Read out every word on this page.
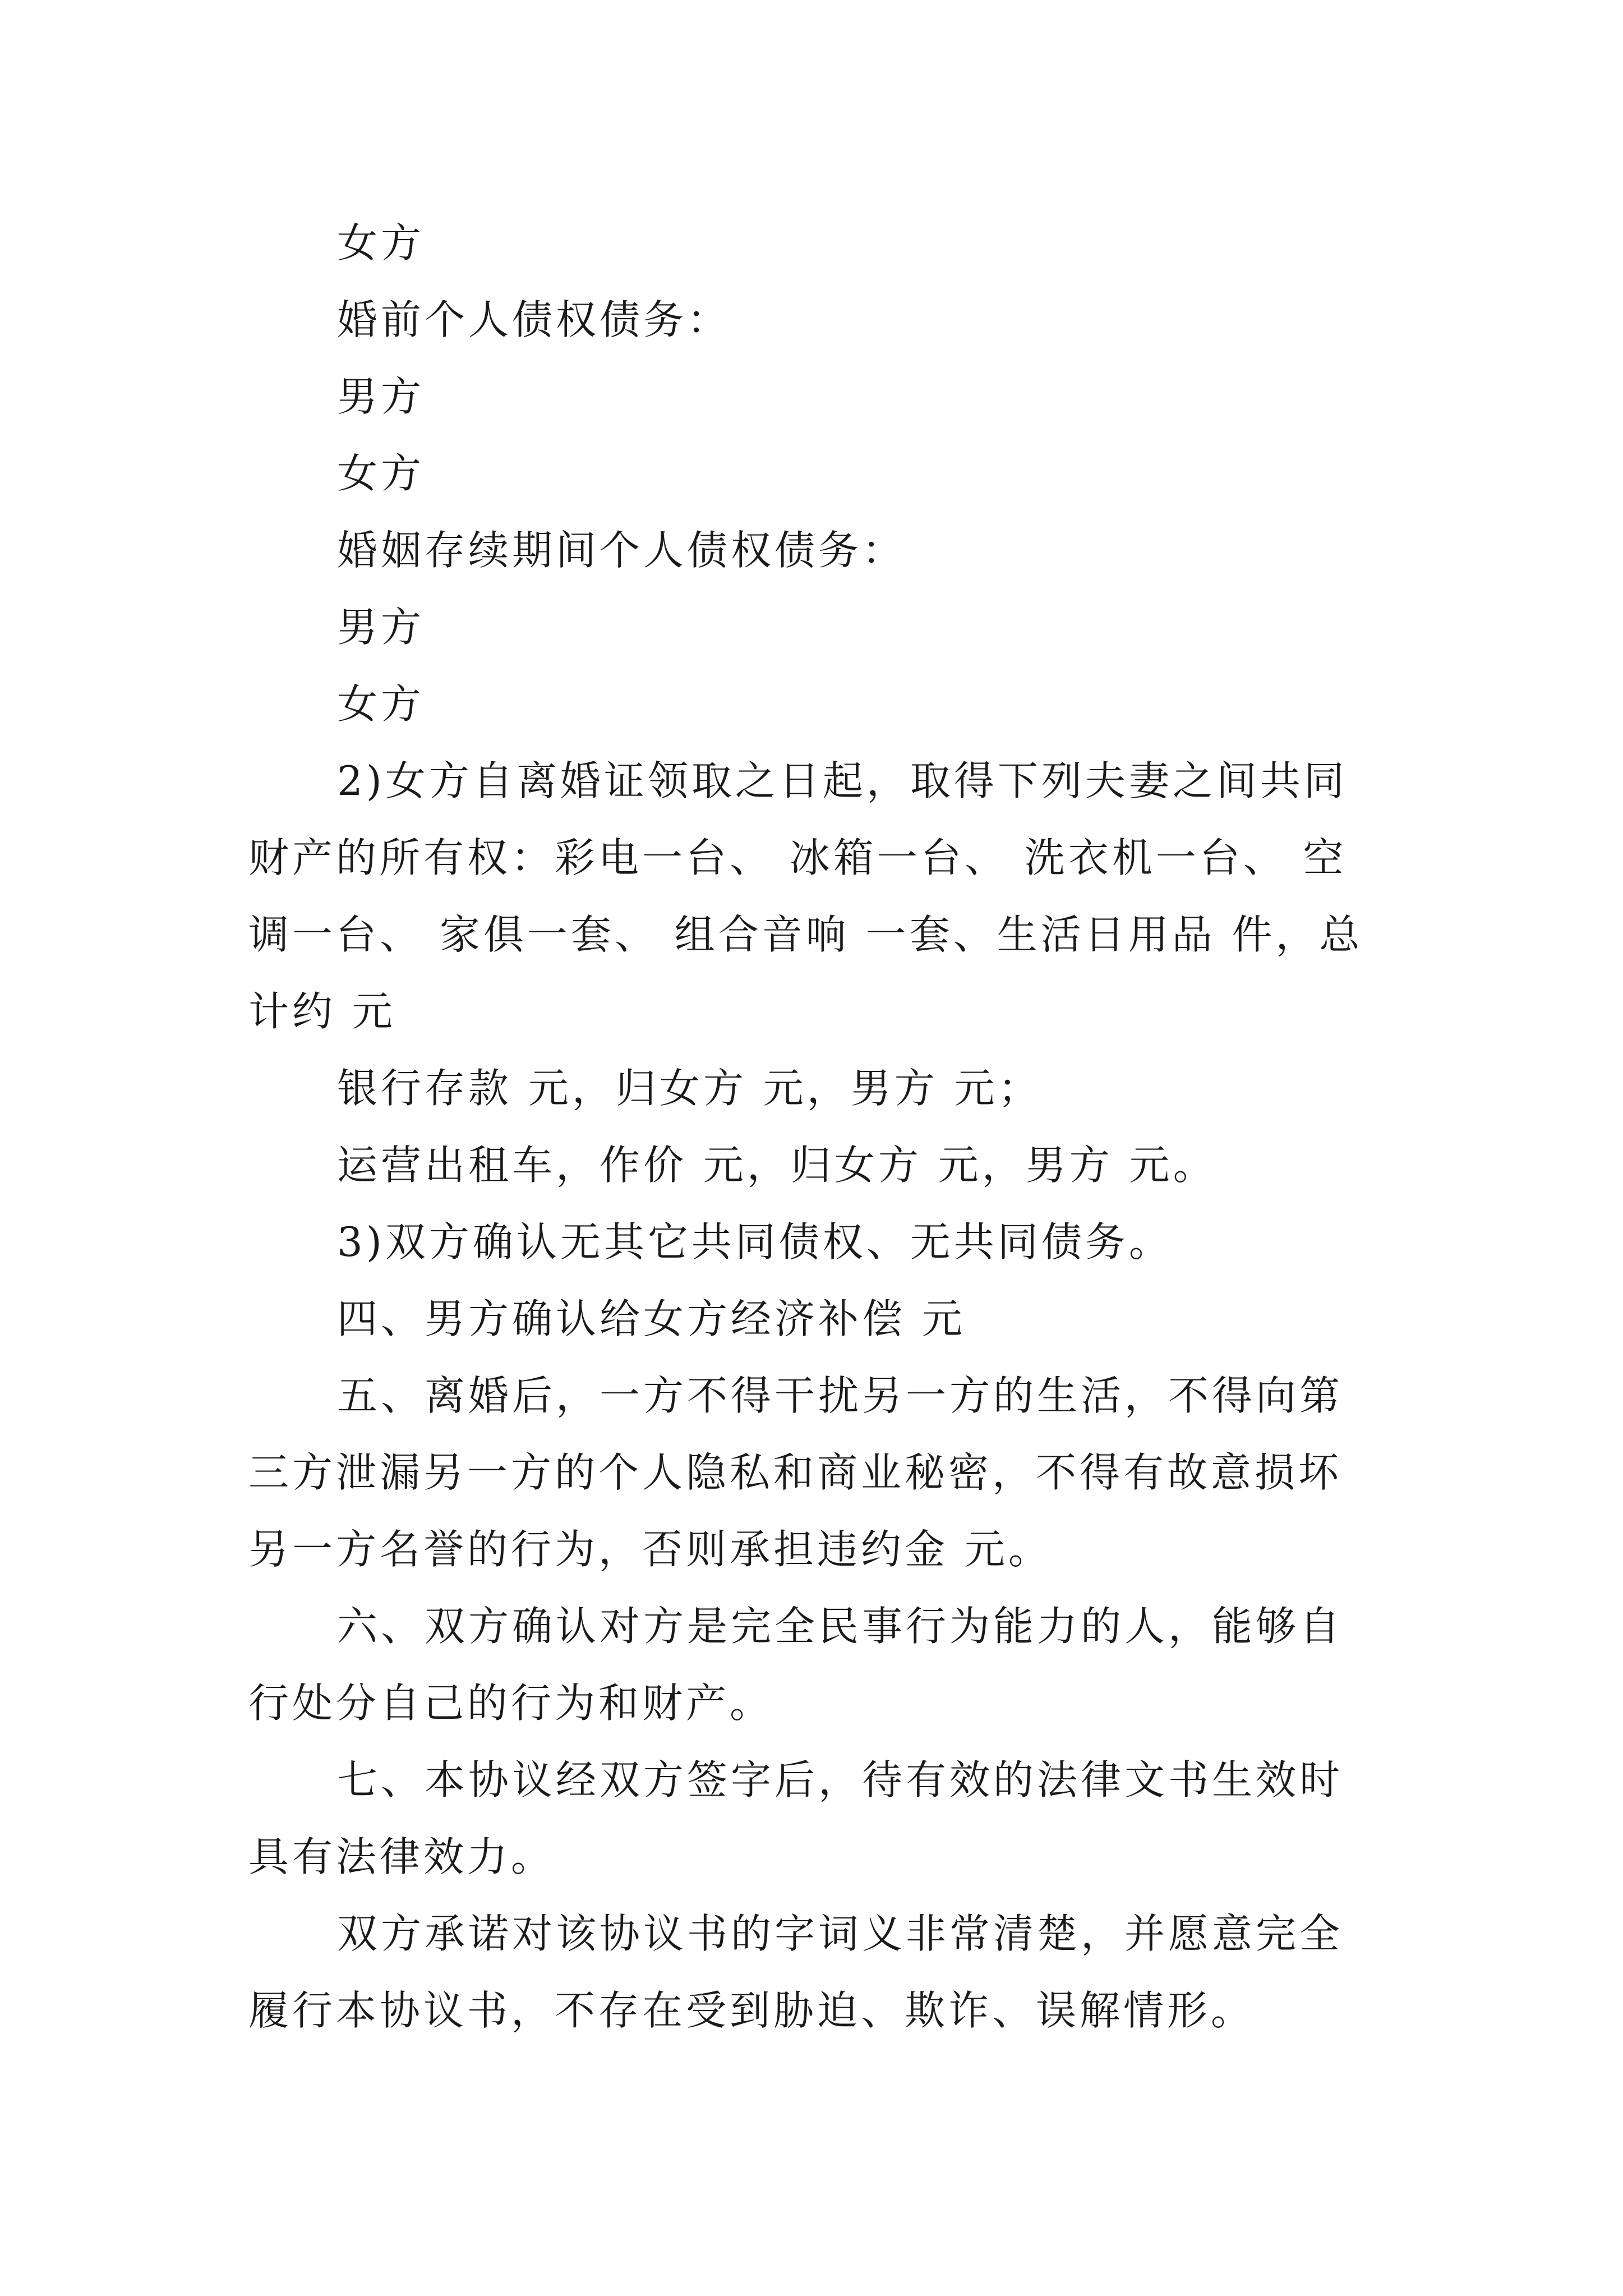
女方

婚前个人债权债务：

男方

女方

婚姻存续期间个人债权债务：

男方

女方

2)女方自离婚证领取之日起，取得下列夫妻之间共同财产的所有权：彩电一台、 冰箱一台、 洗衣机一台、 空调一台、 家俱一套、 组合音响 一套、生活日用品 件，总计约 元

银行存款 元，归女方 元，男方 元；

运营出租车，作价 元，归女方 元，男方 元。

3)双方确认无其它共同债权、无共同债务。

四、男方确认给女方经济补偿 元

五、离婚后，一方不得干扰另一方的生活，不得向第三方泄漏另一方的个人隐私和商业秘密，不得有故意损坏另一方名誉的行为，否则承担违约金 元。

六、双方确认对方是完全民事行为能力的人，能够自行处分自己的行为和财产。

七、本协议经双方签字后，待有效的法律文书生效时具有法律效力。

双方承诺对该协议书的字词义非常清楚，并愿意完全履行本协议书，不存在受到胁迫、欺诈、误解情形。
